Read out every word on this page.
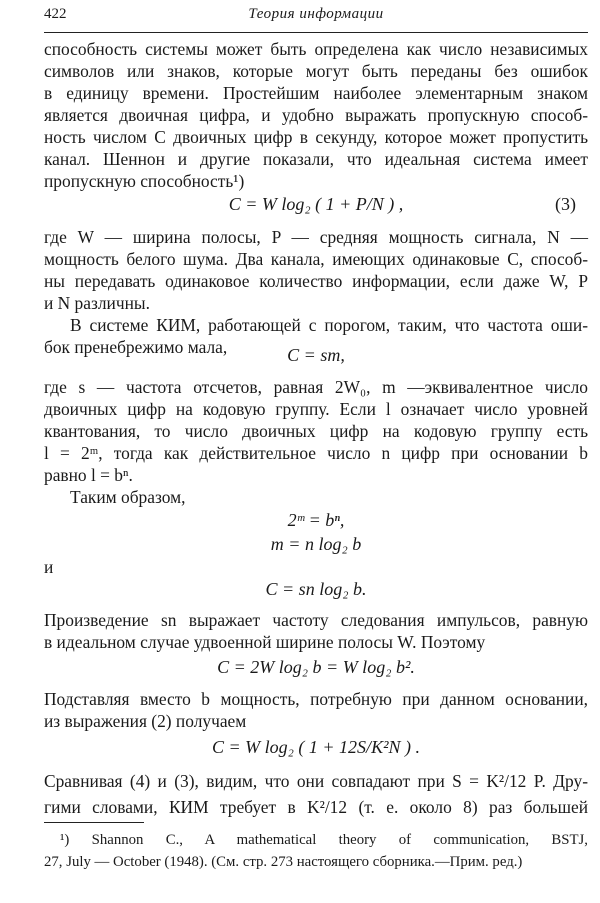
422	Теория информации
способность системы может быть определена как число независимых
символов или знаков, которые могут быть переданы без ошибок
в единицу времени. Простейшим наиболее элементарным знаком
является двоичная цифра, и удобно выражать пропускную способ-
ность числом C двоичных цифр в секунду, которое может пропустить
канал. Шеннон и другие показали, что идеальная система имеет
пропускную способность¹)
C = W log₂ ( 1 + P/N ) ,	(3)
где W — ширина полосы, P — средняя мощность сигнала, N —
мощность белого шума. Два канала, имеющих одинаковые C, способ-
ны передавать одинаковое количество информации, если даже W, P
и N различны.
В системе КИМ, работающей с порогом, таким, что частота оши-
бок пренебрежимо мала,	C = sm,
где s — частота отсчетов, равная 2W₀, m —эквивалентное число
двоичных цифр на кодовую группу. Если l означает число уровней
квантования, то число двоичных цифр на кодовую группу есть
l = 2ᵐ, тогда как действительное число n цифр при основании b
равно l = bⁿ.
Таким образом,
2ᵐ = bⁿ,
m = n log₂ b
и
C = sn log₂ b.
Произведение sn выражает частоту следования импульсов, равную
в идеальном случае удвоенной ширине полосы W. Поэтому
C = 2W log₂ b = W log₂ b².
Подставляя вместо b мощность, потребную при данном основании,
из выражения (2) получаем
C = W log₂ ( 1 + 12S/K²N ) .
Сравнивая (4) и (3), видим, что они совпадают при S = K²/12 P. Дру-
гими словами, КИМ требует в K²/12 (т. е. около 8) раз большей
¹) Shannon C., A mathematical theory of communication, BSTJ,
27, July — October (1948). (См. стр. 273 настоящего сборника.—Прим. ред.)
